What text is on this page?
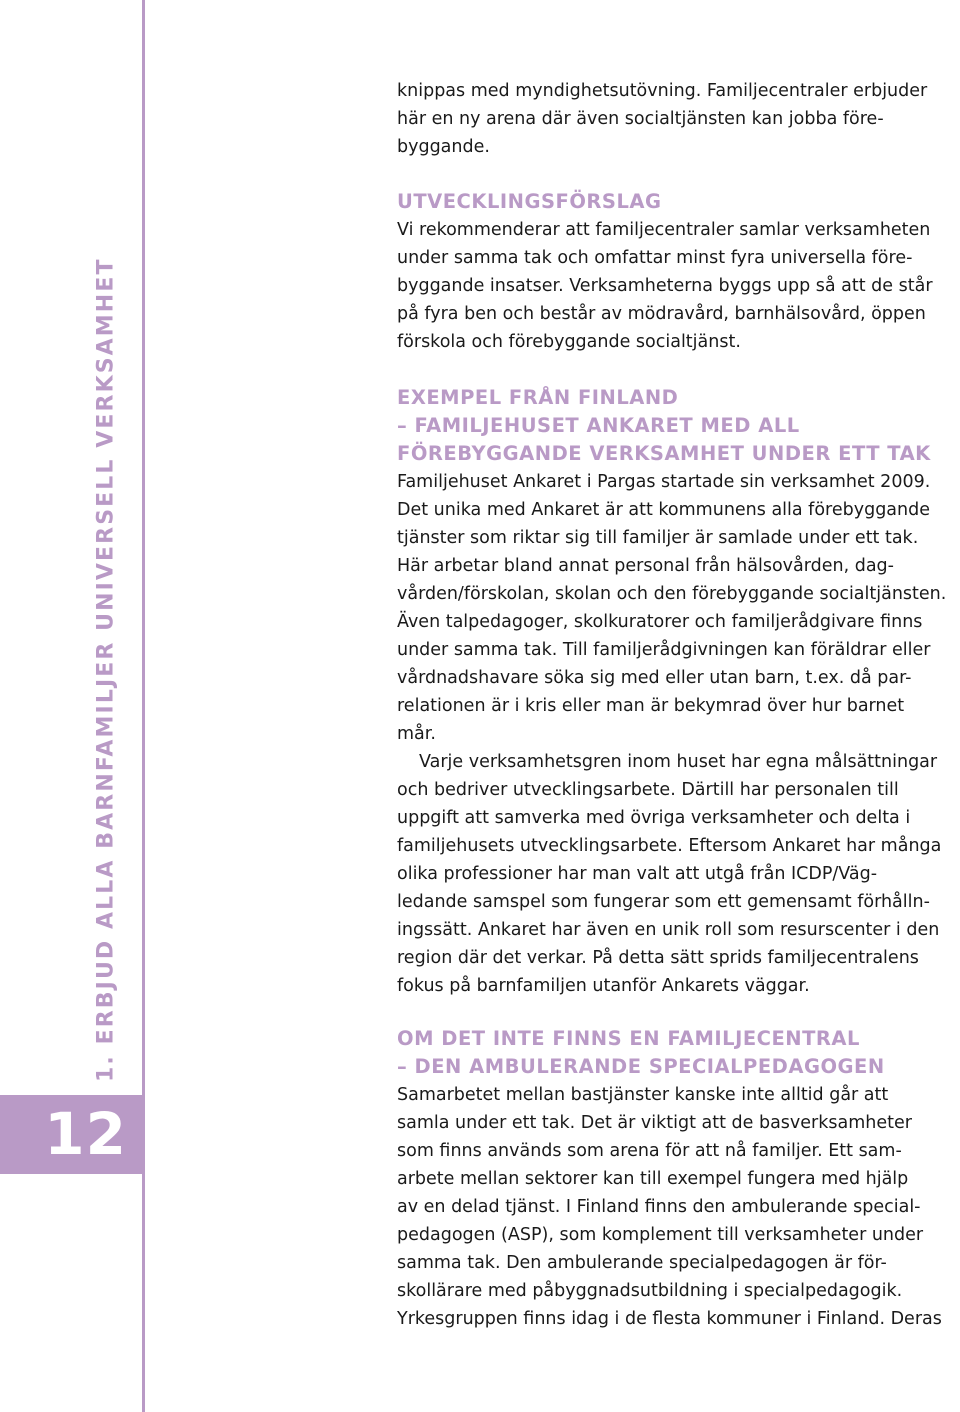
1. ERBJUD ALLA BARNFAMILJER UNIVERSELL VERKSAMHET
12
knippas med myndighetsutövning. Familjecentraler erbjuder
här en ny arena där även socialtjänsten kan jobba före-
byggande.
UTVECKLINGSFÖRSLAG
Vi rekommenderar att familjecentraler samlar verksamheten
under samma tak och omfattar minst fyra universella före-
byggande insatser. Verksamheterna byggs upp så att de står
på fyra ben och består av mödravård, barnhälsovård, öppen
förskola och förebyggande socialtjänst.
EXEMPEL FRÅN FINLAND
– FAMILJEHUSET ANKARET MED ALL
FÖREBYGGANDE VERKSAMHET UNDER ETT TAK
Familjehuset Ankaret i Pargas startade sin verksamhet 2009.
Det unika med Ankaret är att kommunens alla förebyggande
tjänster som riktar sig till familjer är samlade under ett tak.
Här arbetar bland annat personal från hälsovården, dag-
vården/förskolan, skolan och den förebyggande socialtjänsten.
Även talpedagoger, skolkuratorer och familjerådgivare finns
under samma tak. Till familjerådgivningen kan föräldrar eller
vårdnadshavare söka sig med eller utan barn, t.ex. då par-
relationen är i kris eller man är bekymrad över hur barnet
mår.
Varje verksamhetsgren inom huset har egna målsättningar
och bedriver utvecklingsarbete. Därtill har personalen till
uppgift att samverka med övriga verksamheter och delta i
familjehusets utvecklingsarbete. Eftersom Ankaret har många
olika professioner har man valt att utgå från ICDP/Väg-
ledande samspel som fungerar som ett gemensamt förhålln-
ingssätt. Ankaret har även en unik roll som resurscenter i den
region där det verkar. På detta sätt sprids familjecentralens
fokus på barnfamiljen utanför Ankarets väggar.
OM DET INTE FINNS EN FAMILJECENTRAL
– DEN AMBULERANDE SPECIALPEDAGOGEN
Samarbetet mellan bastjänster kanske inte alltid går att
samla under ett tak. Det är viktigt att de basverksamheter
som finns används som arena för att nå familjer. Ett sam-
arbete mellan sektorer kan till exempel fungera med hjälp
av en delad tjänst. I Finland finns den ambulerande special-
pedagogen (ASP), som komplement till verksamheter under
samma tak. Den ambulerande specialpedagogen är för-
skollärare med påbyggnadsutbildning i specialpedagogik.
Yrkesgruppen finns idag i de flesta kommuner i Finland. Deras
